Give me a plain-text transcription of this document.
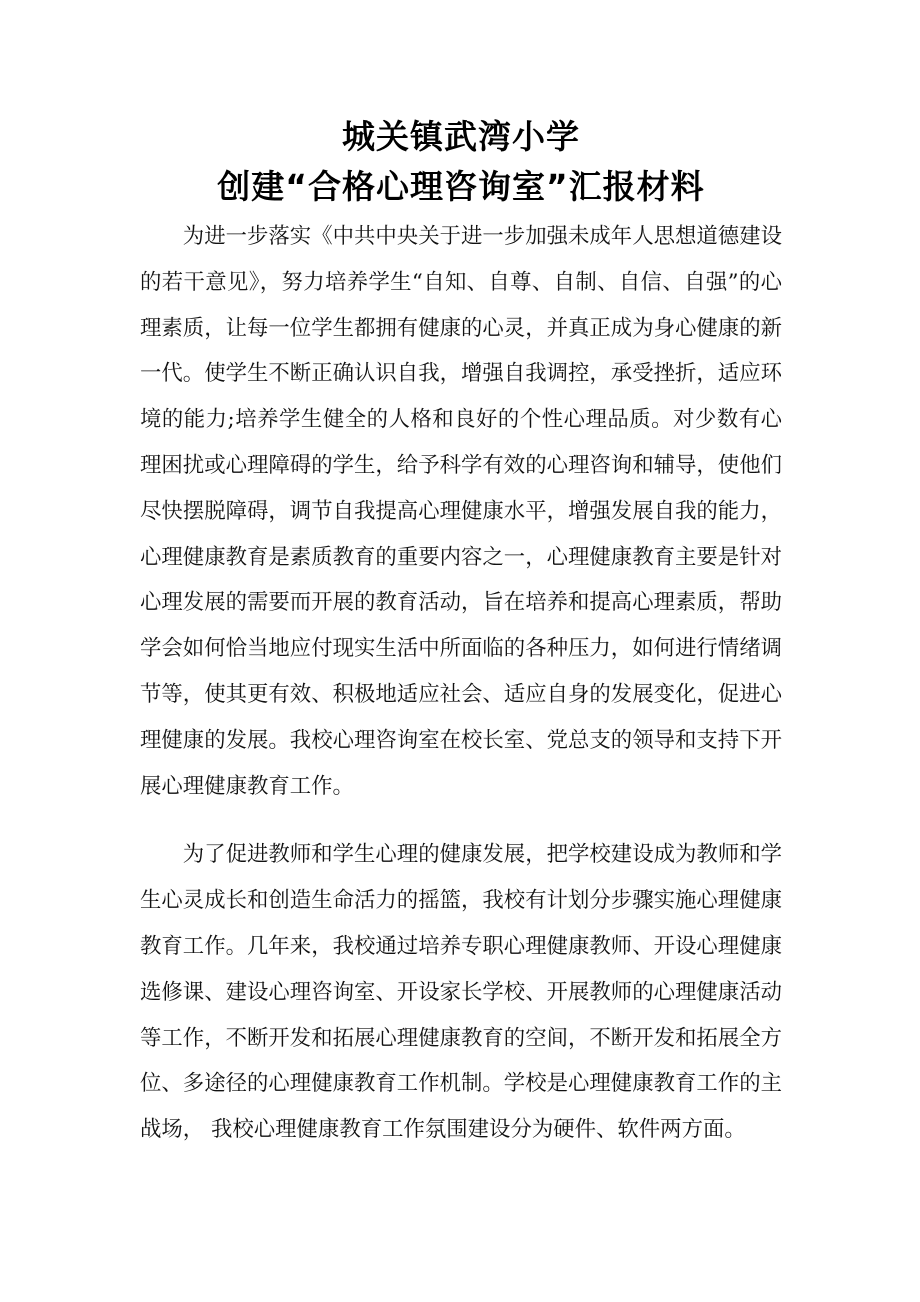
城关镇武湾小学
创建“合格心理咨询室”汇报材料

为进一步落实《中共中央关于进一步加强未成年人思想道德建设的若干意见》，努力培养学生“自知、自尊、自制、自信、自强”的心理素质，让每一位学生都拥有健康的心灵，并真正成为身心健康的新一代。使学生不断正确认识自我，增强自我调控，承受挫折，适应环境的能力;培养学生健全的人格和良好的个性心理品质。对少数有心理困扰或心理障碍的学生，给予科学有效的心理咨询和辅导，使他们尽快摆脱障碍，调节自我提高心理健康水平，增强发展自我的能力，心理健康教育是素质教育的重要内容之一，心理健康教育主要是针对心理发展的需要而开展的教育活动，旨在培养和提高心理素质，帮助学会如何恰当地应付现实生活中所面临的各种压力，如何进行情绪调节等，使其更有效、积极地适应社会、适应自身的发展变化，促进心理健康的发展。我校心理咨询室在校长室、党总支的领导和支持下开展心理健康教育工作。

为了促进教师和学生心理的健康发展，把学校建设成为教师和学生心灵成长和创造生命活力的摇篮，我校有计划分步骤实施心理健康教育工作。几年来，我校通过培养专职心理健康教师、开设心理健康选修课、建设心理咨询室、开设家长学校、开展教师的心理健康活动等工作，不断开发和拓展心理健康教育的空间，不断开发和拓展全方位、多途径的心理健康教育工作机制。学校是心理健康教育工作的主战场， 我校心理健康教育工作氛围建设分为硬件、软件两方面。
